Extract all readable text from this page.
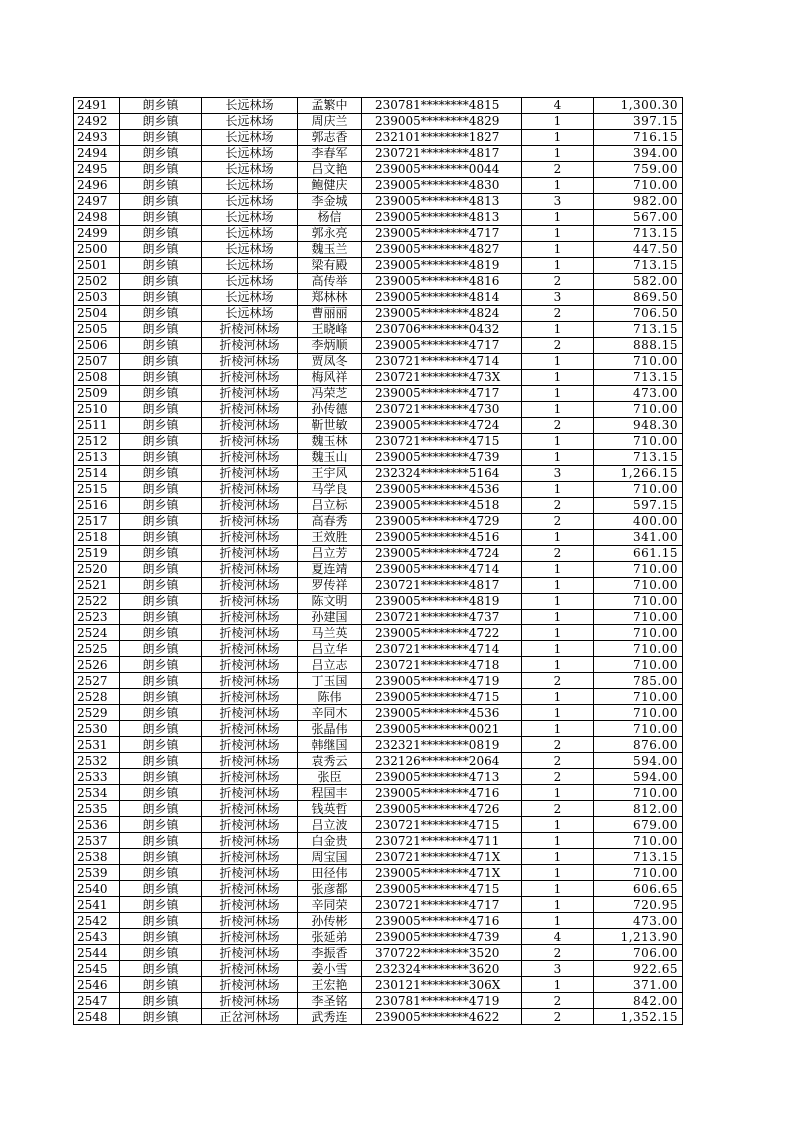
2491	朗乡镇	长远林场	孟繁中	230781********4815	4	1,300.30
2492	朗乡镇	长远林场	周庆兰	239005********4829	1	397.15
2493	朗乡镇	长远林场	郭志香	232101********1827	1	716.15
2494	朗乡镇	长远林场	李春军	230721********4817	1	394.00
2495	朗乡镇	长远林场	吕文艳	239005********0044	2	759.00
2496	朗乡镇	长远林场	鲍健庆	239005********4830	1	710.00
2497	朗乡镇	长远林场	李金城	239005********4813	3	982.00
2498	朗乡镇	长远林场	杨信	239005********4813	1	567.00
2499	朗乡镇	长远林场	郭永亮	239005********4717	1	713.15
2500	朗乡镇	长远林场	魏玉兰	239005********4827	1	447.50
2501	朗乡镇	长远林场	梁有殿	239005********4819	1	713.15
2502	朗乡镇	长远林场	高传举	239005********4816	2	582.00
2503	朗乡镇	长远林场	郑林林	239005********4814	3	869.50
2504	朗乡镇	长远林场	曹丽丽	239005********4824	2	706.50
2505	朗乡镇	折棱河林场	王晓峰	230706********0432	1	713.15
2506	朗乡镇	折棱河林场	李炳顺	239005********4717	2	888.15
2507	朗乡镇	折棱河林场	贾凤冬	230721********4714	1	710.00
2508	朗乡镇	折棱河林场	梅风祥	230721********473X	1	713.15
2509	朗乡镇	折棱河林场	冯荣芝	239005********4717	1	473.00
2510	朗乡镇	折棱河林场	孙传德	230721********4730	1	710.00
2511	朗乡镇	折棱河林场	靳世敏	239005********4724	2	948.30
2512	朗乡镇	折棱河林场	魏玉林	230721********4715	1	710.00
2513	朗乡镇	折棱河林场	魏玉山	239005********4739	1	713.15
2514	朗乡镇	折棱河林场	王宇风	232324********5164	3	1,266.15
2515	朗乡镇	折棱河林场	马学良	239005********4536	1	710.00
2516	朗乡镇	折棱河林场	吕立标	239005********4518	2	597.15
2517	朗乡镇	折棱河林场	高春秀	239005********4729	2	400.00
2518	朗乡镇	折棱河林场	王效胜	239005********4516	1	341.00
2519	朗乡镇	折棱河林场	吕立芳	239005********4724	2	661.15
2520	朗乡镇	折棱河林场	夏连靖	239005********4714	1	710.00
2521	朗乡镇	折棱河林场	罗传祥	230721********4817	1	710.00
2522	朗乡镇	折棱河林场	陈文明	239005********4819	1	710.00
2523	朗乡镇	折棱河林场	孙建国	230721********4737	1	710.00
2524	朗乡镇	折棱河林场	马兰英	239005********4722	1	710.00
2525	朗乡镇	折棱河林场	吕立华	230721********4714	1	710.00
2526	朗乡镇	折棱河林场	吕立志	230721********4718	1	710.00
2527	朗乡镇	折棱河林场	丁玉国	239005********4719	2	785.00
2528	朗乡镇	折棱河林场	陈伟	239005********4715	1	710.00
2529	朗乡镇	折棱河林场	辛同木	239005********4536	1	710.00
2530	朗乡镇	折棱河林场	张晶伟	239005********0021	1	710.00
2531	朗乡镇	折棱河林场	韩继国	232321********0819	2	876.00
2532	朗乡镇	折棱河林场	袁秀云	232126********2064	2	594.00
2533	朗乡镇	折棱河林场	张臣	239005********4713	2	594.00
2534	朗乡镇	折棱河林场	程国丰	239005********4716	1	710.00
2535	朗乡镇	折棱河林场	钱英哲	239005********4726	2	812.00
2536	朗乡镇	折棱河林场	吕立波	230721********4715	1	679.00
2537	朗乡镇	折棱河林场	白金贵	230721********4711	1	710.00
2538	朗乡镇	折棱河林场	周宝国	230721********471X	1	713.15
2539	朗乡镇	折棱河林场	田径伟	239005********471X	1	710.00
2540	朗乡镇	折棱河林场	张彦都	239005********4715	1	606.65
2541	朗乡镇	折棱河林场	辛同荣	230721********4717	1	720.95
2542	朗乡镇	折棱河林场	孙传彬	239005********4716	1	473.00
2543	朗乡镇	折棱河林场	张延弟	239005********4739	4	1,213.90
2544	朗乡镇	折棱河林场	李振香	370722********3520	2	706.00
2545	朗乡镇	折棱河林场	姜小雪	232324********3620	3	922.65
2546	朗乡镇	折棱河林场	王宏艳	230121********306X	1	371.00
2547	朗乡镇	折棱河林场	李圣铭	230781********4719	2	842.00
2548	朗乡镇	正岔河林场	武秀连	239005********4622	2	1,352.15
